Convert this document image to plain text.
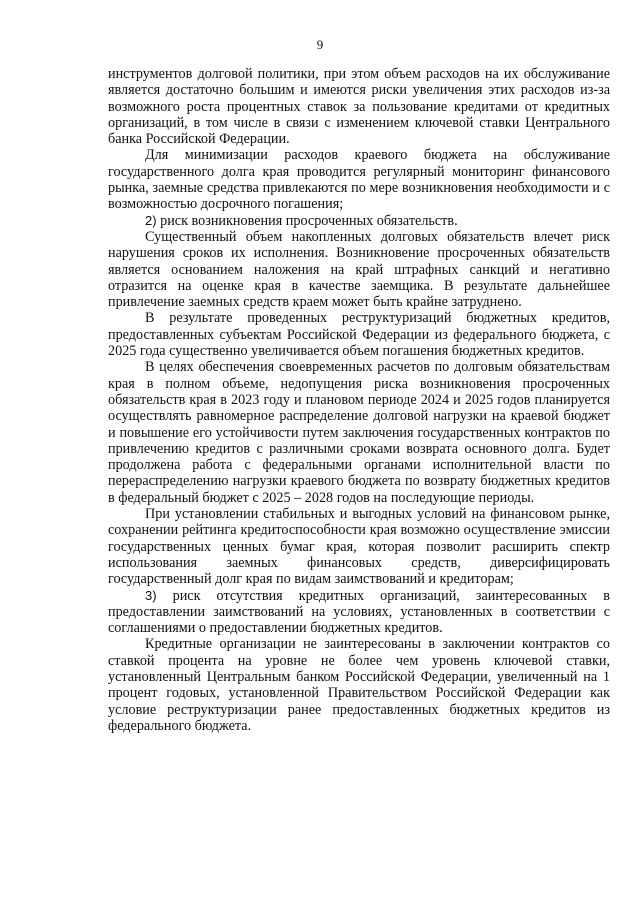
9

инструментов долговой политики, при этом объем расходов на их обслуживание является достаточно большим и имеются риски увеличения этих расходов из-за возможного роста процентных ставок за пользование кредитами от кредитных организаций, в том числе в связи с изменением ключевой ставки Центрального банка Российской Федерации.

Для минимизации расходов краевого бюджета на обслуживание государственного долга края проводится регулярный мониторинг финансового рынка, заемные средства привлекаются по мере возникновения необходимости и с возможностью досрочного погашения;

2) риск возникновения просроченных обязательств.

Существенный объем накопленных долговых обязательств влечет риск нарушения сроков их исполнения. Возникновение просроченных обязательств является основанием наложения на край штрафных санкций и негативно отразится на оценке края в качестве заемщика. В результате дальнейшее привлечение заемных средств краем может быть крайне затруднено.

В результате проведенных реструктуризаций бюджетных кредитов, предоставленных субъектам Российской Федерации из федерального бюджета, с 2025 года существенно увеличивается объем погашения бюджетных кредитов.

В целях обеспечения своевременных расчетов по долговым обязательствам края в полном объеме, недопущения риска возникновения просроченных обязательств края в 2023 году и плановом периоде 2024 и 2025 годов планируется осуществлять равномерное распределение долговой нагрузки на краевой бюджет и повышение его устойчивости путем заключения государственных контрактов по привлечению кредитов с различными сроками возврата основного долга. Будет продолжена работа с федеральными органами исполнительной власти по перераспределению нагрузки краевого бюджета по возврату бюджетных кредитов в федеральный бюджет с 2025 – 2028 годов на последующие периоды.

При установлении стабильных и выгодных условий на финансовом рынке, сохранении рейтинга кредитоспособности края возможно осуществление эмиссии государственных ценных бумаг края, которая позволит расширить спектр использования заемных финансовых средств, диверсифицировать государственный долг края по видам заимствований и кредиторам;

3) риск отсутствия кредитных организаций, заинтересованных в предоставлении заимствований на условиях, установленных в соответствии с соглашениями о предоставлении бюджетных кредитов.

Кредитные организации не заинтересованы в заключении контрактов со ставкой процента на уровне не более чем уровень ключевой ставки, установленный Центральным банком Российской Федерации, увеличенный на 1 процент годовых, установленной Правительством Российской Федерации как условие реструктуризации ранее предоставленных бюджетных кредитов из федерального бюджета.
